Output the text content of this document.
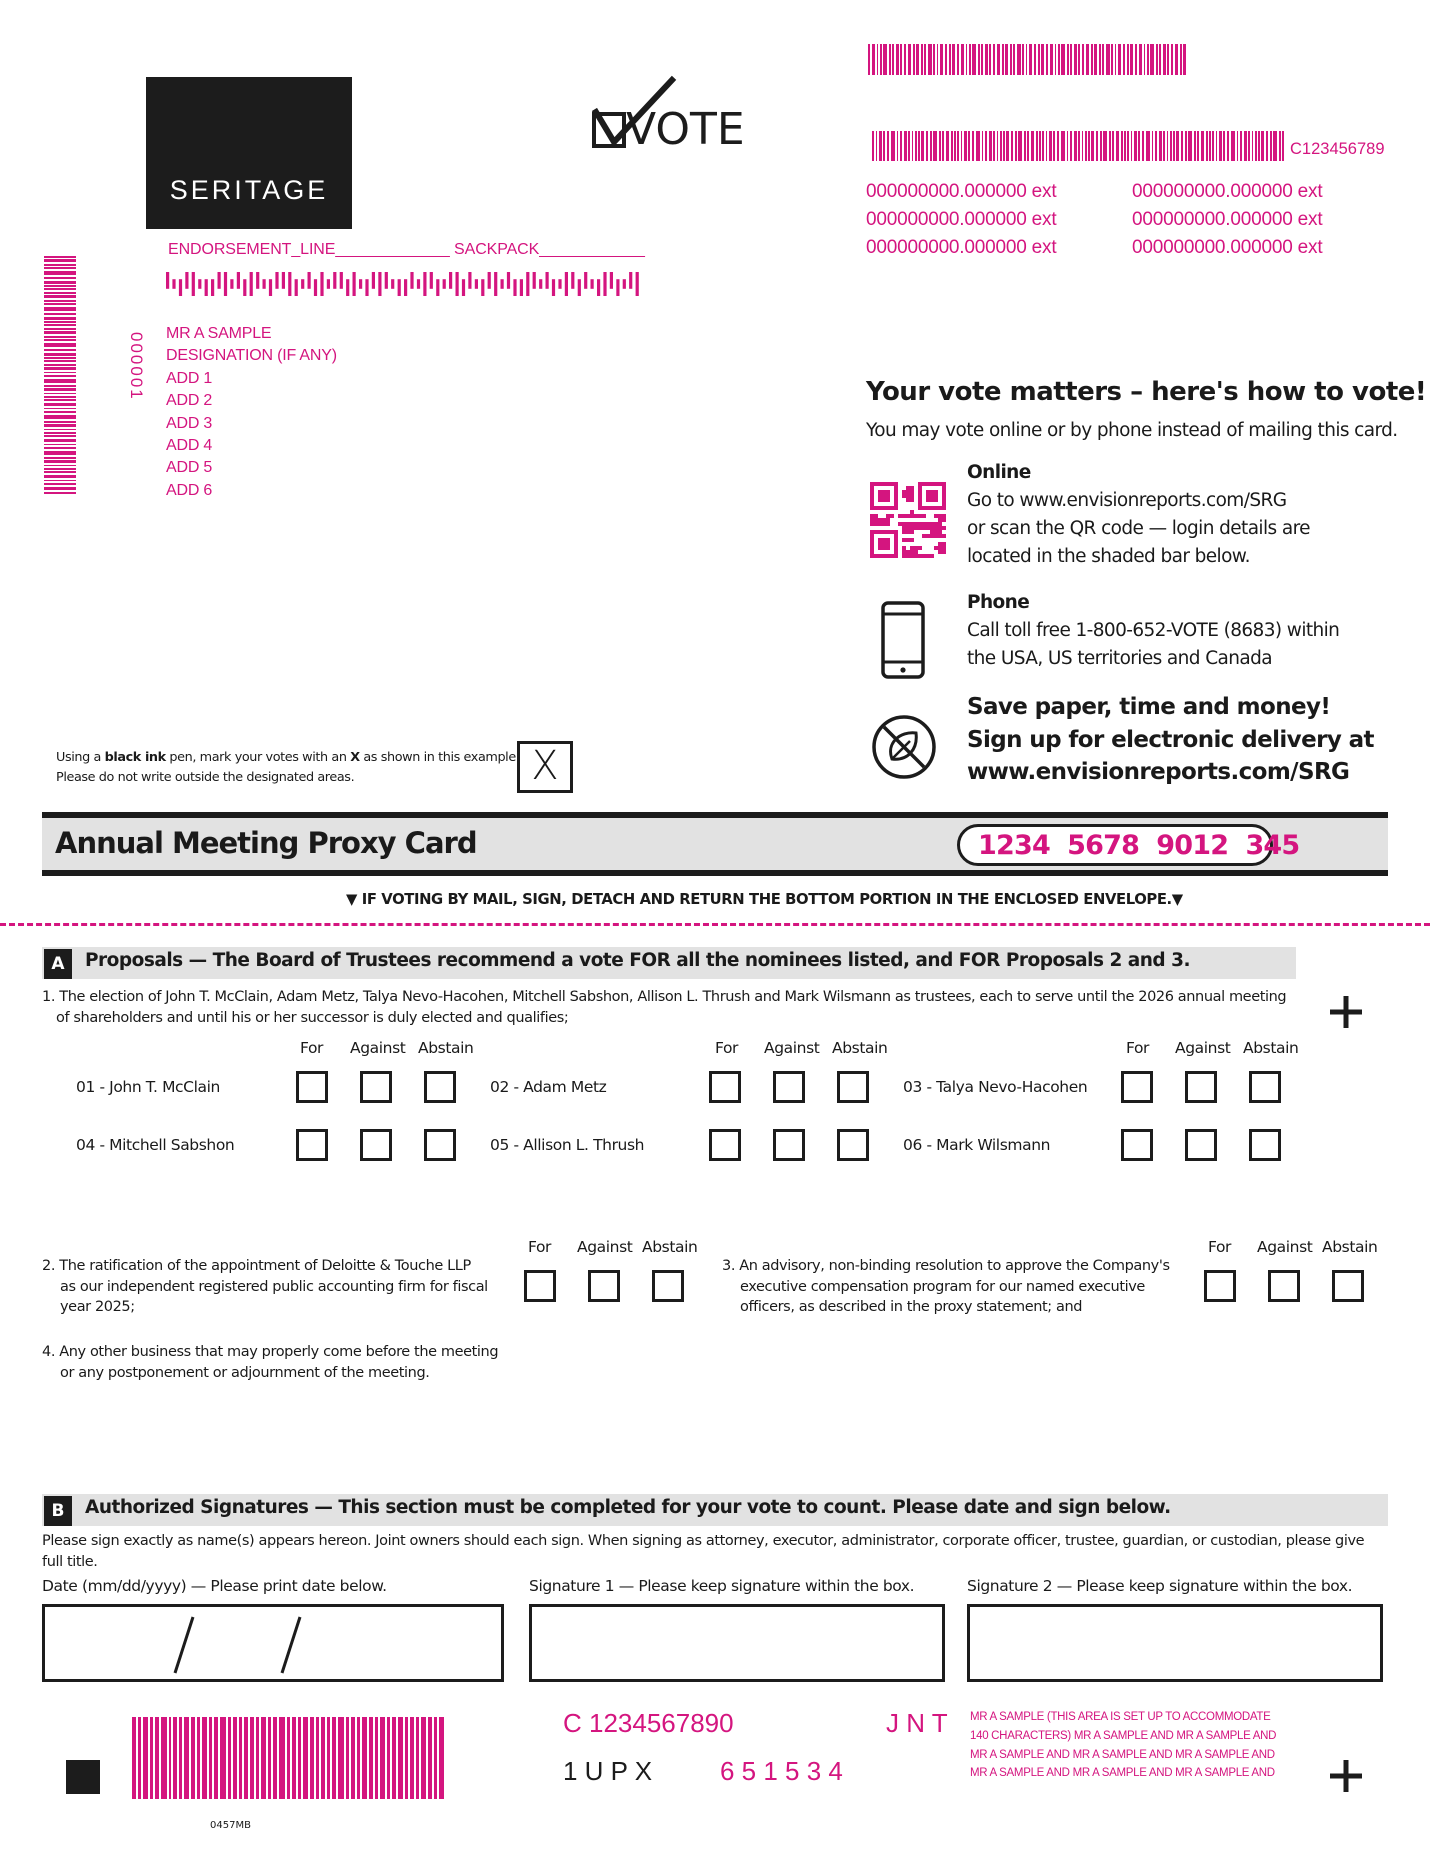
SERITAGE
VOTE	C123456789
000000000.000000 ext	000000000.000000 ext
000000000.000000 ext	000000000.000000 ext
000000000.000000 ext	000000000.000000 ext
ENDORSEMENT_LINE_____________ SACKPACK____________
000001 MR A SAMPLE
DESIGNATION (IF ANY)
ADD 1
ADD 2
ADD 3
ADD 4
ADD 5
ADD 6
Your vote matters – here's how to vote!
You may vote online or by phone instead of mailing this card.
Online
Go to www.envisionreports.com/SRG
or scan the QR code — login details are
located in the shaded bar below.
Phone
Call toll free 1-800-652-VOTE (8683) within
the USA, US territories and Canada
Save paper, time and money!
Sign up for electronic delivery at
www.envisionreports.com/SRG
Using a black ink pen, mark your votes with an X as shown in this example.
Please do not write outside the designated areas.	X
Annual Meeting Proxy Card	1234  5678  9012  345
▼ IF VOTING BY MAIL, SIGN, DETACH AND RETURN THE BOTTOM PORTION IN THE ENCLOSED ENVELOPE.▼
A	Proposals — The Board of Trustees recommend a vote FOR all the nominees listed, and FOR Proposals 2 and 3.
1. The election of John T. McClain, Adam Metz, Talya Nevo-Hacohen, Mitchell Sabshon, Allison L. Thrush and Mark Wilsmann as trustees, each to serve until the 2026 annual meeting
of shareholders and until his or her successor is duly elected and qualifies;
For Against Abstain	For Against Abstain	For Against Abstain
01 - John T. McClain	02 - Adam Metz	03 - Talya Nevo-Hacohen
04 - Mitchell Sabshon	05 - Allison L. Thrush	06 - Mark Wilsmann
For Against Abstain
2. The ratification of the appointment of Deloitte & Touche LLP
as our independent registered public accounting firm for fiscal
year 2025;
For Against Abstain
3. An advisory, non-binding resolution to approve the Company's
executive compensation program for our named executive
officers, as described in the proxy statement; and
4. Any other business that may properly come before the meeting
or any postponement or adjournment of the meeting.
B	Authorized Signatures — This section must be completed for your vote to count. Please date and sign below.
Please sign exactly as name(s) appears hereon. Joint owners should each sign. When signing as attorney, executor, administrator, corporate officer, trustee, guardian, or custodian, please give
full title.
Date (mm/dd/yyyy) — Please print date below.	Signature 1 — Please keep signature within the box.	Signature 2 — Please keep signature within the box.
0457MB
C 1234567890	J N T
1 U P X	6 5 1 5 3 4
MR A SAMPLE (THIS AREA IS SET UP TO ACCOMMODATE
140 CHARACTERS) MR A SAMPLE AND MR A SAMPLE AND
MR A SAMPLE AND MR A SAMPLE AND MR A SAMPLE AND
MR A SAMPLE AND MR A SAMPLE AND MR A SAMPLE AND
